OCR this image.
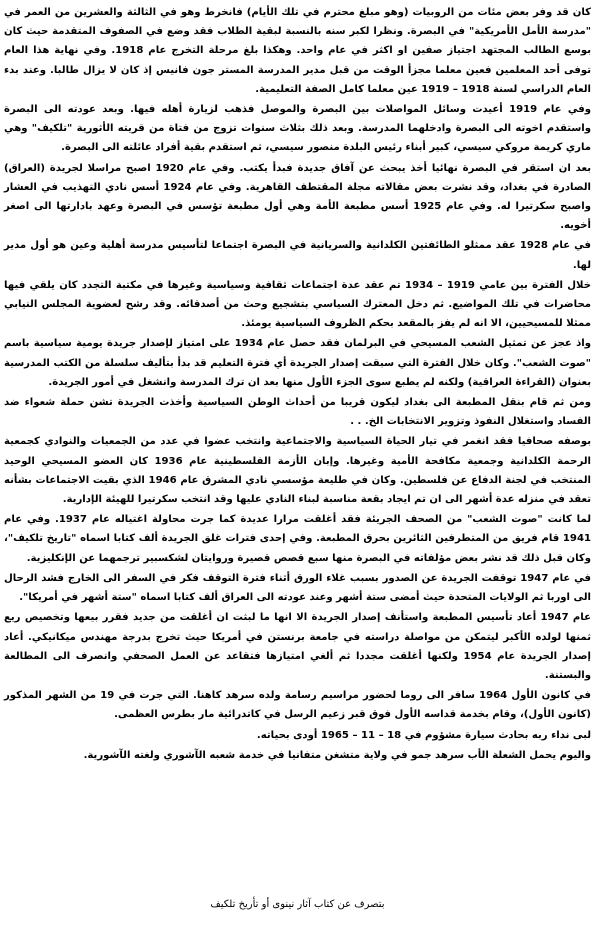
كان قد وفر بعض مئات من الروبيات (وهو مبلغ محترم في تلك الأيام) فانخرط وهو في الثالثة والعشرين من العمر في "مدرسة الأمل الأمريكية" في البصرة. ونظرا لكبر سنه بالنسبة لبقية الطلاب فقد وضع في الصفوف المتقدمة حيث كان بوسع الطالب المجتهد اجتياز صفين او اكثر في عام واحد. وهكذا بلغ مرحلة التخرج عام 1918. وفي نهاية هذا العام توفى أحد المعلمين فعين معلما مجزأ الوقت من قبل مدير المدرسة المستر جون فانيس إذ كان لا يزال طالبا. وعند بدء العام الدراسي لسنة 1918 – 1919 عين معلما كامل الصفة التعليمية.

وفي عام 1919 أعيدت وسائل المواصلات بين البصرة والموصل فذهب لزيارة أهله فيها. وبعد عودته الى البصرة واستقدم اخوته الى البصرة وادخلهما المدرسة. وبعد ذلك بثلاث سنوات تزوج من فتاة من قريته الأثورية "تلكيف" وهي ماري كريمة مروكي سيسي، كبير أبناء رئيس البلدة منصور سيسي، ثم استقدم بقية أفراد عائلته الى البصرة.

بعد ان استقر في البصرة نهائيا أخذ يبحث عن آفاق جديدة فبدأ يكتب. وفي عام 1920 اصبح مراسلا لجريدة (العراق) الصادرة في بغداد، وقد نشرت بعض مقالاته مجلة المقتطف القاهرية. وفي عام 1924 أسس نادي التهذيب في العشار واصبح سكرتيرا له. وفي عام 1925 أسس مطبعة الأمة وهي أول مطبعة تؤسس في البصرة وعهد بادارتها الى اصغر أخويه.

في عام 1928 عقد ممثلو الطائفتين الكلدانية والسريانية في البصرة اجتماعا لتأسيس مدرسة أهلية وعين هو أول مدير لها.

خلال الفترة بين عامي 1919 – 1934 تم عقد عدة اجتماعات ثقافية وسياسية وغيرها في مكتبة التجدد كان يلقي فيها محاضرات في تلك المواضيع. ثم دخل المعترك السياسي بتشجيع وحث من أصدقائه. وقد رشح لعضوية المجلس النيابي ممثلا للمسيحيين، الا انه لم يفز بالمقعد بحكم الظروف السياسية يومئذ.

واذ عجز عن تمثيل الشعب المسيحي في البرلمان فقد حصل عام 1934 على امتياز لإصدار جريدة يومية سياسية باسم "صوت الشعب". وكان خلال الفترة التي سبقت إصدار الجريدة أي فترة التعليم قد بدأ بتأليف سلسلة من الكتب المدرسية بعنوان (القراءة العراقية) ولكنه لم يطبع سوى الجزء الأول منها بعد ان ترك المدرسة وانشغل في أمور الجريدة.

ومن ثم قام بنقل المطبعة الى بغداد ليكون قريبا من أحداث الوطن السياسية وأخذت الجريدة تشن حملة شعواء ضد الفساد واستغلال النفوذ وتزوير الانتخابات الخ. . .

بوصفه صحافيا فقد انغمر في تيار الحياة السياسية والاجتماعية وانتخب عضوا في عدد من الجمعيات والنوادي كجمعية الرحمة الكلدانية وجمعية مكافحة الأمية وغيرها. وإبان الأزمة الفلسطينية عام 1936 كان العضو المسيحي الوحيد المنتخب في لجنة الدفاع عن فلسطين. وكان في طليعة مؤسسي نادي المشرق عام 1946 الذي بقيت الاجتماعات بشأنه تعقد في منزله عدة أشهر الى ان تم ايجاد بقعة مناسبة لبناء النادي عليها وقد انتخب سكرتيرا للهيئة الإدارية.

لما كانت "صوت الشعب" من الصحف الجريئة فقد أغلقت مرارا عديدة كما جرت محاولة اغتياله عام 1937. وفي عام 1941 قام فريق من المتطرفين الثائرين بحرق المطبعة. وفي إحدى فترات غلق الجريدة ألف كتابا اسماه "تاريخ تلكيف"، وكان قبل ذلك قد نشر بعض مؤلفاته في البصرة منها سبع قصص قصيرة وروايتان لشكسبير ترجمهما عن الإنكليزية.

في عام 1947 توقفت الجريدة عن الصدور بسبب غلاء الورق أثناء فترة التوقف فكر في السفر الى الخارج فشد الرحال الى اوربا ثم الولايات المتحدة حيث أمضى ستة أشهر وعند عودته الى العراق ألف كتابا اسماه "ستة أشهر في أمريكا".

عام 1947 أعاد تأسيس المطبعة واستأنف إصدار الجريدة الا انها ما لبثت ان أغلقت من جديد فقرر بيعها وتخصيص ريع ثمنها لولده الأكبر ليتمكن من مواصلة دراسته في جامعة برنستن في أمريكا حيث تخرج بدرجة مهندس ميكانيكي. أعاد إصدار الجريدة عام 1954 ولكنها أغلقت مجددا ثم ألغي امتيازها فتقاعد عن العمل الصحفي وانصرف الى المطالعة والبستنة.

في كانون الأول 1964 سافر الى روما لحضور مراسيم رسامة ولده سرهد كاهنا. التي جرت في 19 من الشهر المذكور (كانون الأول)، وقام بخدمة قداسه الأول فوق قبر زعيم الرسل في كاتدرائية مار بطرس العظمى.

لبى نداء ربه بحادث سيارة مشؤوم في 18 – 11 – 1965 أودى بحياته.

واليوم يحمل الشعلة الأب سرهد جمو في ولاية متشغن متفانيا في خدمة شعبه الآشوري ولغته الآشورية.

بتصرف عن كتاب آثار نينوى أو تأريخ تلكيف
